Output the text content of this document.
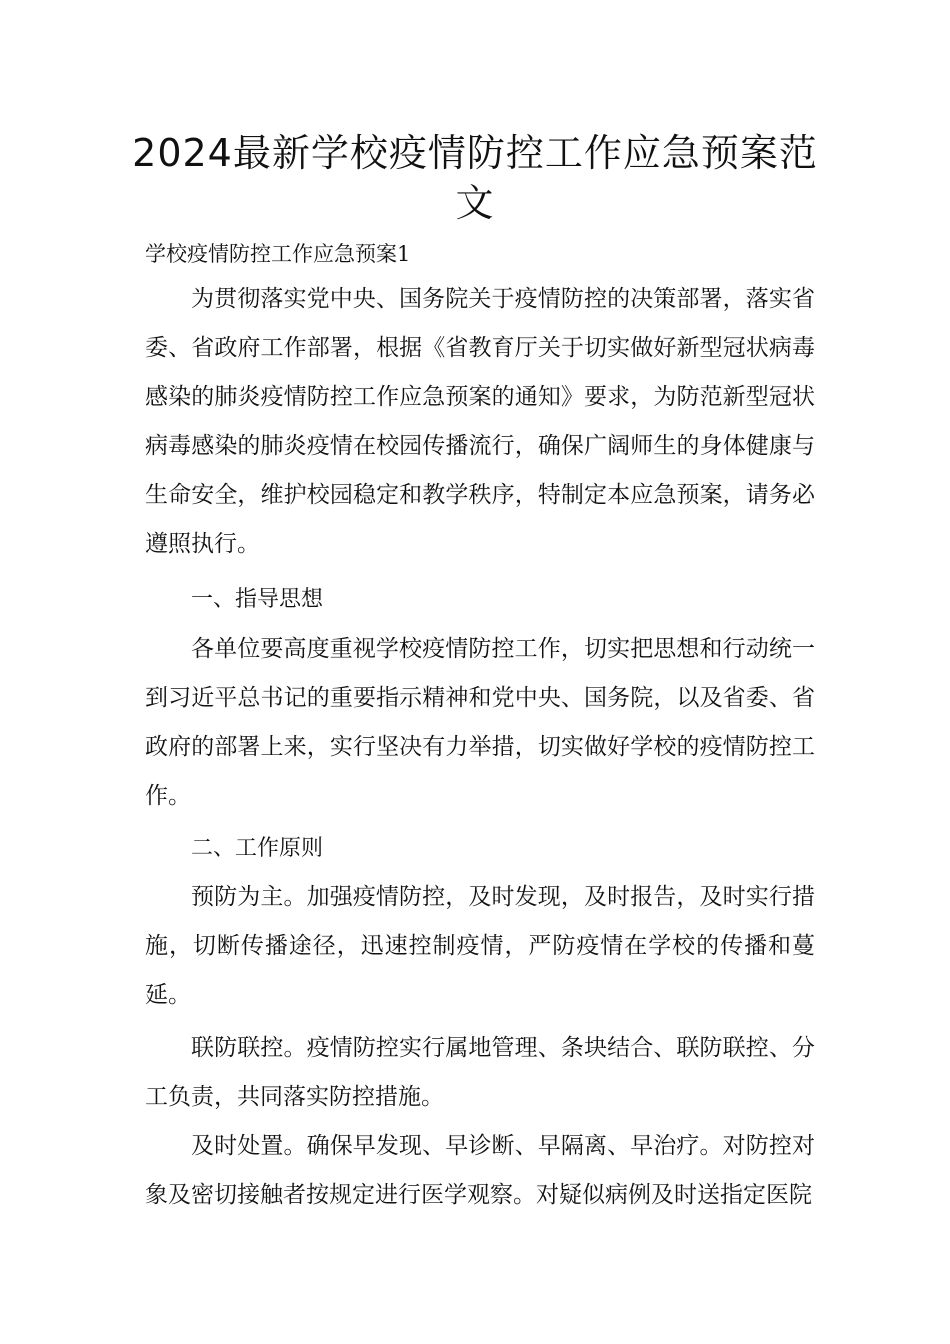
2024最新学校疫情防控工作应急预案范文

学校疫情防控工作应急预案1

为贯彻落实党中央、国务院关于疫情防控的决策部署，落实省委、省政府工作部署，根据《省教育厅关于切实做好新型冠状病毒感染的肺炎疫情防控工作应急预案的通知》要求，为防范新型冠状病毒感染的肺炎疫情在校园传播流行，确保广阔师生的身体健康与生命安全，维护校园稳定和教学秩序，特制定本应急预案，请务必遵照执行。

一、指导思想

各单位要高度重视学校疫情防控工作，切实把思想和行动统一到习近平总书记的重要指示精神和党中央、国务院，以及省委、省政府的部署上来，实行坚决有力举措，切实做好学校的疫情防控工作。

二、工作原则

预防为主。加强疫情防控，及时发现，及时报告，及时实行措施，切断传播途径，迅速控制疫情，严防疫情在学校的传播和蔓延。

联防联控。疫情防控实行属地管理、条块结合、联防联控、分工负责，共同落实防控措施。

及时处置。确保早发现、早诊断、早隔离、早治疗。对防控对象及密切接触者按规定进行医学观察。对疑似病例及时送指定医院
